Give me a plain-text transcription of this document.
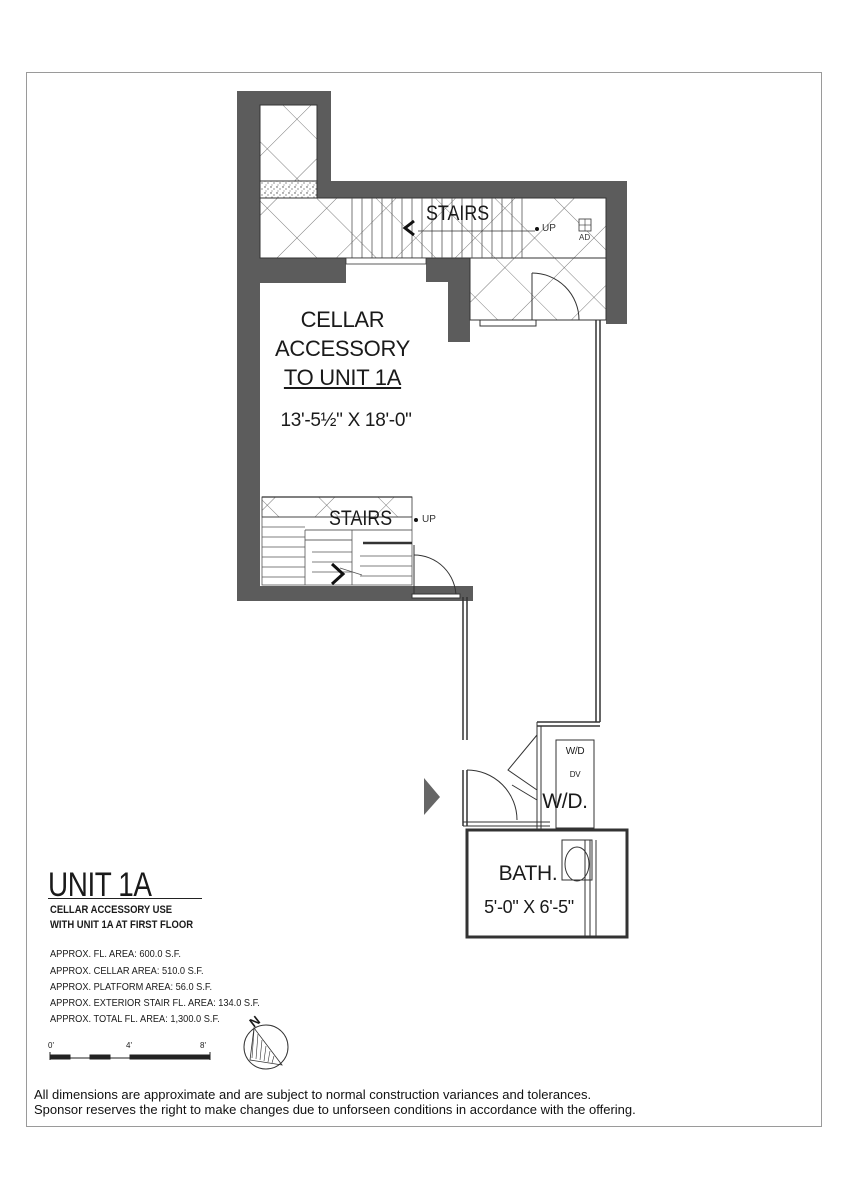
CELLAR
ACCESSORY
TO UNIT 1A
13'-5½" X 18'-0"
STAIRS
UP
AD
STAIRS	UP
W/D
DV
W/D.
BATH.
5'-0" X 6'-5"
UNIT 1A
CELLAR ACCESSORY USE
WITH UNIT 1A AT FIRST FLOOR
APPROX. FL. AREA: 600.0 S.F.
APPROX. CELLAR AREA: 510.0 S.F.
APPROX. PLATFORM AREA: 56.0 S.F.
APPROX. EXTERIOR STAIR FL. AREA: 134.0 S.F.
APPROX. TOTAL FL. AREA: 1,300.0 S.F.
0'	4'	8'
N
All dimensions are approximate and are subject to normal construction variances and tolerances.
Sponsor reserves the right to make changes due to unforseen conditions in accordance with the offering.
